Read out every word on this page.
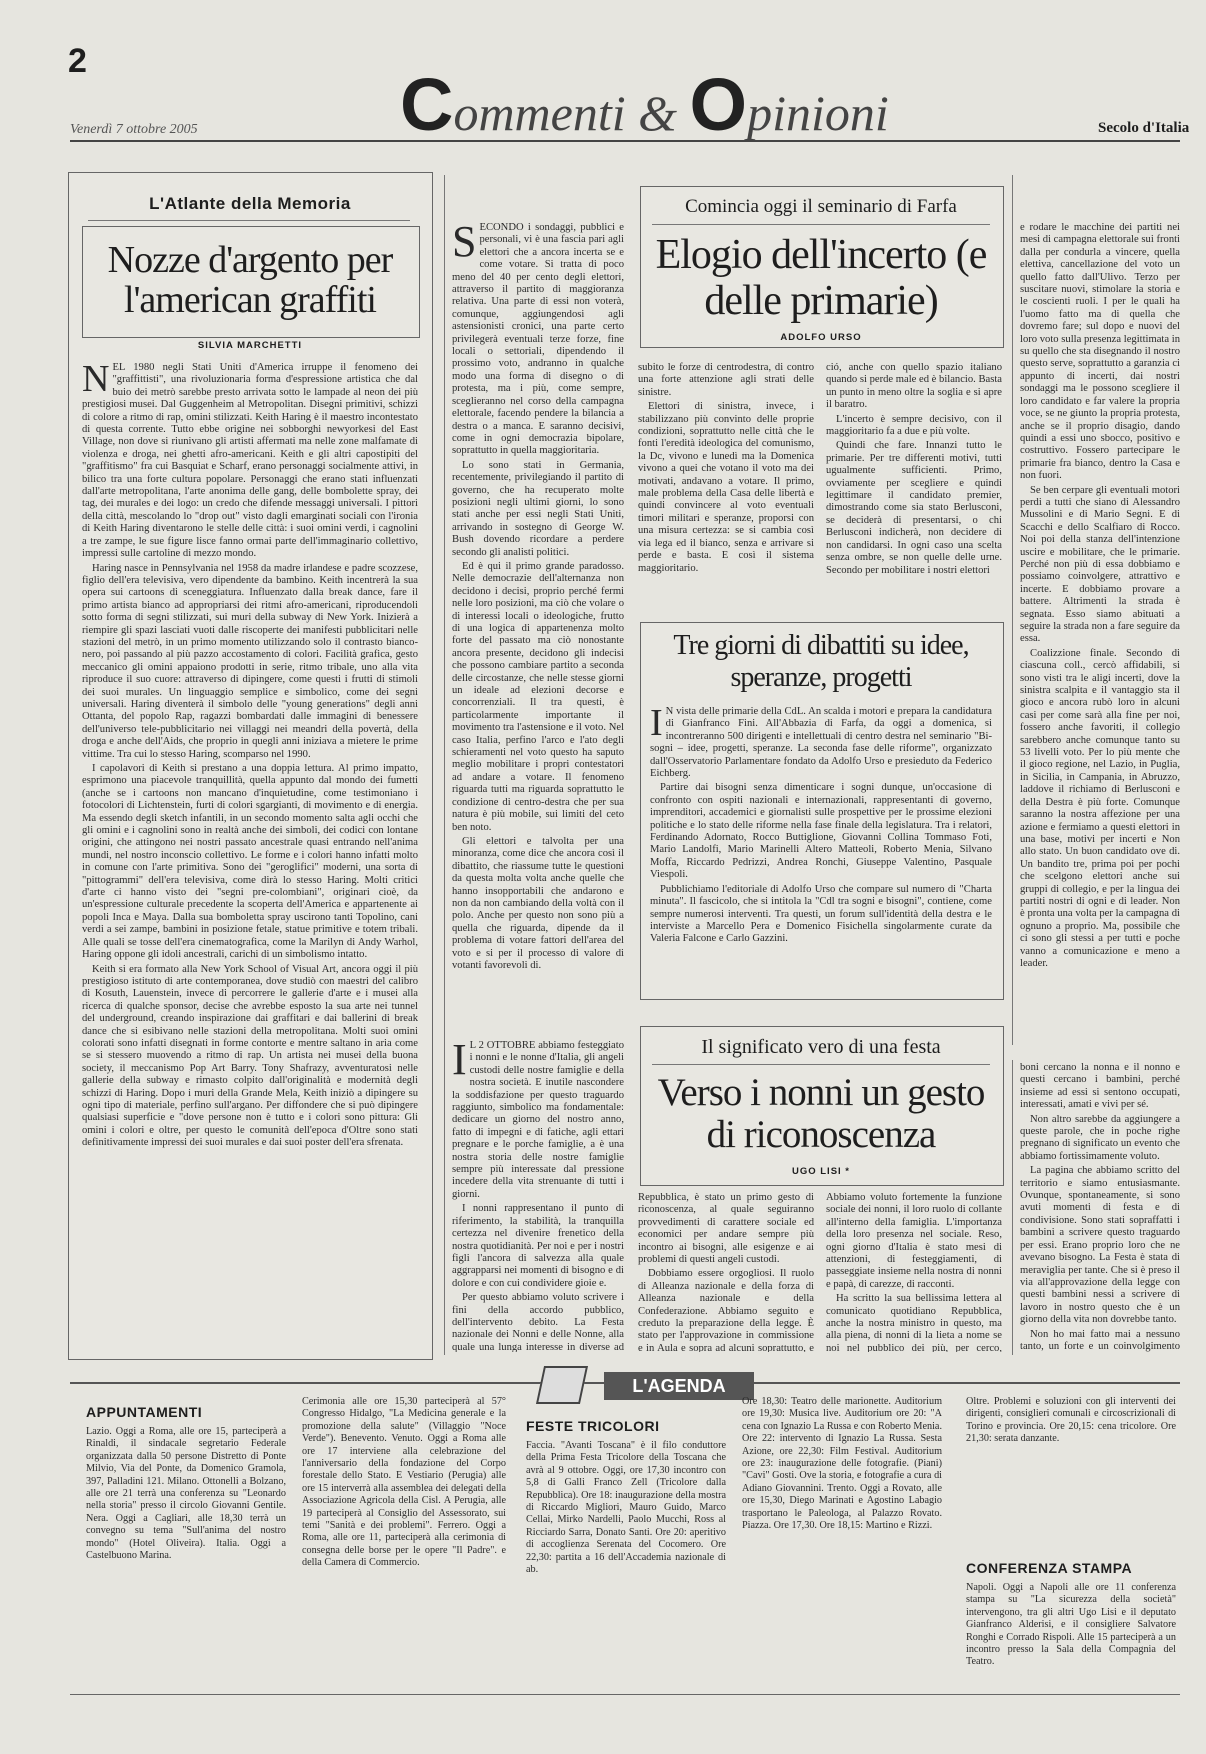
2
Commenti & Opinioni
Venerdì 7 ottobre 2005	Secolo d'Italia
L'Atlante della Memoria
Nozze d'argento per l'american graffiti
SILVIA MARCHETTI
N EL 1980 negli Stati Uniti d'America irruppe il fenomeno dei "graffittisti", una rivoluzionaria forma d'espressione artistica che dal buio dei metrò sarebbe presto arrivata sotto le lampade al neon dei più prestigiosi musei. Dal Guggenheim al Metropolitan. Disegni primitivi, schizzi di colore a ritmo di rap, omini stilizzati. Keith Haring è il maestro incontestato di questa corrente. Tutto ebbe origine nei sobborghi newyorkesi del East Village, non dove si riunivano gli artisti affermati ma nelle zone malfamate di violenza e droga, nei ghetti afro-americani. Keith e gli altri capostipiti del "graffitismo" fra cui Basquiat e Scharf, erano personaggi socialmente attivi, in bilico tra una forte cultura popolare. Personaggi che erano stati influenzati dall'arte metropolitana, l'arte anonima delle gang, delle bombolette spray, dei tag, dei murales e dei logo: un credo che difende messaggi universali. I pittori della città, mescolando lo "drop out" visto dagli emarginati sociali con l'ironia di Keith Haring diventarono le stelle delle città: i suoi omini verdi, i cagnolini a tre zampe, le sue figure lisce fanno ormai parte dell'immaginario collettivo, impressi sulle cartoline di mezzo mondo.

Haring nasce in Pennsylvania nel 1958 da madre irlandese e padre scozzese, figlio dell'era televisiva, vero dipendente da bambino. Keith incentrerà la sua opera sui cartoons di sceneggiatura. Influenzato dalla break dance, fare il primo artista bianco ad appropriarsi dei ritmi afro-americani, riproducendoli sotto forma di segni stilizzati, sui muri della subway di New York. Inizierà a riempire gli spazi lasciati vuoti dalle riscoperte dei manifesti pubblicitari nelle stazioni del metrò, in un primo momento utilizzando solo il contrasto bianco-nero, poi passando al più pazzo accostamento di colori. Facilità grafica, gesto meccanico gli omini appaiono prodotti in serie, ritmo tribale, uno alla vita riproduce il suo cuore: attraverso di dipingere, come questi i frutti di stimoli dei suoi murales. Un linguaggio semplice e simbolico, come dei segni universali. Haring diventerà il simbolo delle "young generations" degli anni Ottanta, del popolo Rap, ragazzi bombardati dalle immagini di benessere dell'universo tele-pubblicitario nei villaggi nei meandri della povertà, della droga e anche dell'Aids, che proprio in quegli anni iniziava a mietere le prime vittime. Tra cui lo stesso Haring, scomparso nel 1990.

I capolavori di Keith si prestano a una doppia lettura. Al primo impatto, esprimono una piacevole tranquillità, quella appunto dal mondo dei fumetti (anche se i cartoons non mancano d'inquietudine, come testimoniano i fotocolori di Lichtenstein, furti di colori sgargianti, di movimento e di energia. Ma essendo degli sketch infantili, in un secondo momento salta agli occhi che gli omini e i cagnolini sono in realtà anche dei simboli, dei codici con lontane origini, che attingono nei nostri passato ancestrale quasi entrando nell'anima mundi, nel nostro inconscio collettivo. Le forme e i colori hanno infatti molto in comune con l'arte primitiva. Sono dei "geroglifici" moderni, una sorta di "pittogrammi" dell'era televisiva, come dirà lo stesso Haring. Molti critici d'arte ci hanno visto dei "segni pre-colombiani", originari cioè, da un'espressione culturale precedente la scoperta dell'America e appartenente ai popoli Inca e Maya. Dalla sua bomboletta spray uscirono tanti Topolino, cani verdi a sei zampe, bambini in posizione fetale, statue primitive e totem tribali. Alle quali se tosse dell'era cinematografica, come la Marilyn di Andy Warhol, Haring oppone gli idoli ancestrali, carichi di un simbolismo intatto.

Keith si era formato alla New York School of Visual Art, ancora oggi il più prestigioso istituto di arte contemporanea, dove studiò con maestri del calibro di Kosuth, Lauenstein, invece di percorrere le gallerie d'arte e i musei alla ricerca di qualche sponsor, decise che avrebbe esposto la sua arte nei tunnel del underground, creando inspirazione dai graffitari e dai ballerini di break dance che si esibivano nelle stazioni della metropolitana. Molti suoi omini colorati sono infatti disegnati in forme contorte e mentre saltano in aria come se si stessero muovendo a ritmo di rap. Un artista nei musei della buona society, il meccanismo Pop Art Barry. Tony Shafrazy, avventuratosi nelle gallerie della subway e rimasto colpito dall'originalità e modernità degli schizzi di Haring. Dopo i muri della Grande Mela, Keith iniziò a dipingere su ogni tipo di materiale, perfino sull'argano. Per diffondere che si può dipingere qualsiasi superficie e "dove persone non è tutto e i colori sono pittura: Gli omini i colori e oltre, per questo le comunità dell'epoca d'Oltre sono stati definitivamente impressi dei suoi murales e dai suoi poster dell'era sfrenata.

S ECONDO i sondaggi, pubblici e personali, vi è una fascia pari agli elettori che a ancora incerta se e come votare. Si tratta di poco meno del 40 per cento degli elettori, attraverso il partito di maggioranza relativa. Una parte di essi non voterà, comunque, aggiungendosi agli astensionisti cronici, una parte certo privilegerà eventuali terze forze, fine locali o settoriali, dipendendo il prossimo voto, andranno in qualche modo una forma di disegno o di protesta, ma i più, come sempre, sceglieranno nel corso della campagna elettorale, facendo pendere la bilancia a destra o a manca. E saranno decisivi, come in ogni democrazia bipolare, soprattutto in quella maggioritaria.

Lo sono stati in Germania, recentemente, privilegiando il partito di governo, che ha recuperato molte posizioni negli ultimi giorni, lo sono stati anche per essi negli Stati Uniti, arrivando in sostegno di George W. Bush dovendo ricordare a perdere secondo gli analisti politici.

Ed è qui il primo grande paradosso. Nelle democrazie dell'alternanza non decidono i decisi, proprio perché fermi nelle loro posizioni, ma ciò che volare o di interessi locali o ideologiche, frutto di una logica di appartenenza molto forte del passato ma ciò nonostante ancora presente, decidono gli indecisi che possono cambiare partito a seconda delle circostanze, che nelle stesse giorni un ideale ad elezioni decorse e concorrenziali. Il tra questi, è particolarmente importante il movimento tra l'astensione e il voto. Nel caso Italia, perfino l'arco e l'ato degli schieramenti nel voto questo ha saputo meglio mobilitare i propri contestatori ad andare a votare. Il fenomeno riguarda tutti ma riguarda soprattutto le condizione di centro-destra che per sua natura è più mobile, sui limiti del ceto ben noto.

Gli elettori e talvolta per una minoranza, come dice che ancora così il dibattito, che riassume tutte le questioni da questa molta volta anche quelle che hanno insopportabili che andarono e non da non cambiando della voltà con il polo. Anche per questo non sono più a quella che riguarda, dipende da il problema di votare fattori dell'area del voto e si per il processo di valore di votanti favorevoli di.

Comincia oggi il seminario di Farfa
Elogio dell'incerto (e delle primarie)
ADOLFO URSO

subito le forze di centrodestra, di contro una forte attenzione agli strati delle sinistre.

Elettori di sinistra, invece, i stabilizzano più convinto delle proprie condizioni, soprattutto nelle città che le fonti l'eredità ideologica del comunismo, la Dc, vivono e lunedì ma la Domenica vivono a quei che votano il voto ma dei motivati, andavano a votare. Il primo, male problema della Casa delle libertà e quindi convincere al voto eventuali timori militari e speranze, proporsi con una misura certezza: se si cambia così via lega ed il bianco, senza e arrivare si perde e basta. E così il sistema maggioritario.

ció, anche con quello spazio italiano quando si perde male ed è bilancio. Basta un punto in meno oltre la soglia e si apre il baratro.

L'incerto è sempre decisivo, con il maggioritario fa a due e più volte.

Quindi che fare. Innanzi tutto le primarie. Per tre differenti motivi, tutti ugualmente sufficienti. Primo, ovviamente per scegliere e quindi legittimare il candidato premier, dimostrando come sia stato Berlusconi, se deciderà di presentarsi, o chi Berlusconi indicherà, non decidere di non candidarsi. In ogni caso una scelta senza ombre, se non quelle delle urne. Secondo per mobilitare i nostri elettori

e rodare le macchine dei partiti nei mesi di campagna elettorale sui fronti dalla per condurla a vincere, quella elettiva, cancellazione del voto un quello fatto dall'Ulivo. Terzo per suscitare nuovi, stimolare la storia e le coscienti ruoli. I per le quali ha l'uomo fatto ma di quella che dovremo fare; sul dopo e nuovi del loro voto sulla presenza legittimata in su quello che sta disegnando il nostro questo serve, soprattutto a garanzia ci appunto di incerti, dai nostri sondaggi ma le possono scegliere il loro candidato e far valere la propria voce, se ne giunto la propria protesta, anche se il proprio disagio, dando quindi a essi uno sbocco, positivo e costruttivo. Fossero partecipare le primarie fra bianco, dentro la Casa e non fuori.

Se ben cerpare gli eventuali motori perdi a tutti che siano di Alessandro Mussolini e di Mario Segni. E di Scacchi e dello Scalfiaro di Rocco. Noi poi della stanza dell'intenzione uscire e mobilitare, che le primarie. Perché non più di essa dobbiamo e possiamo coinvolgere, attrattivo e incerte. E dobbiamo provare a battere. Altrimenti la strada è segnata. Esso siamo abituati a seguire la strada non a fare seguire da essa.

Coalizzione finale. Secondo di ciascuna coll., cercò affidabili, si sono visti tra le aligi incerti, dove la sinistra scalpita e il vantaggio sta il gioco e ancora rubò loro in alcuni casi per come sarà alla fine per noi, fossero anche favoriti, il collegio sarebbero anche comunque tanto su 53 livelli voto. Per lo più mente che il gioco regione, nel Lazio, in Puglia, in Sicilia, in Campania, in Abruzzo, laddove il richiamo di Berlusconi e della Destra è più forte. Comunque saranno la nostra affezione per una azione e fermiamo a questi elettori in una base, motivi per incerti e Non allo stato. Un buon candidato ove di. Un bandito tre, prima poi per pochi che scelgono elettori anche sui gruppi di collegio, e per la lingua dei partiti nostri di ogni e di leader. Non è pronta una volta per la campagna di ognuno a proprio. Ma, possibile che ci sono gli stessi a per tutti e poche vanno a comunicazione e meno a leader.

Tre giorni di dibattiti su idee, speranze, progetti
I N vista delle primarie della CdL. An scalda i motori e prepara la candidatura di Gianfranco Fini. All'Abbazia di Farfa, da oggi a domenica, si incontreranno 500 dirigenti e intellettuali di centro destra nel seminario "Bi-sogni – idee, progetti, speranze. La seconda fase delle riforme", organizzato dall'Osservatorio Parlamentare fondato da Adolfo Urso e presieduto da Federico Eichberg.

Partire dai bisogni senza dimenticare i sogni dunque, un'occasione di confronto con ospiti nazionali e internazionali, rappresentanti di governo, imprenditori, accademici e giornalisti sulle prospettive per le prossime elezioni politiche e lo stato delle riforme nella fase finale della legislatura. Tra i relatori, Ferdinando Adornato, Rocco Buttiglione, Giovanni Collina Tommaso Foti, Mario Landolfi, Mario Marinelli Altero Matteoli, Roberto Menia, Silvano Moffa, Riccardo Pedrizzi, Andrea Ronchi, Giuseppe Valentino, Pasquale Viespoli.

Pubblichiamo l'editoriale di Adolfo Urso che compare sul numero di "Charta minuta". Il fascicolo, che si intitola la "Cdl tra sogni e bisogni", contiene, come sempre numerosi interventi. Tra questi, un forum sull'identità della destra e le interviste a Marcello Pera e Domenico Fisichella singolarmente curate da Valeria Falcone e Carlo Gazzini.

I L 2 OTTOBRE abbiamo festeggiato i nonni e le nonne d'Italia, gli angeli custodi delle nostre famiglie e della nostra società. E inutile nascondere la soddisfazione per questo traguardo raggiunto, simbolico ma fondamentale: dedicare un giorno del nostro anno, fatto di impegni e di fatiche, agli ettari pregnare e le porche famiglie, a è una nostra storia delle nostre famiglie sempre più interessate dal pressione incedere della vita strenuante di tutti i giorni.

I nonni rappresentano il punto di riferimento, la stabilità, la tranquilla certezza nel divenire frenetico della nostra quotidianità. Per noi e per i nostri figli l'ancora di salvezza alla quale aggrapparsi nei momenti di bisogno e di dolore e con cui condividere gioie e.

Per questo abbiamo voluto scrivere i fini della accordo pubblico, dell'intervento debito. La Festa nazionale dei Nonni e delle Nonne, alla quale una lunga interesse in diverse ad

Il significato vero di una festa
Verso i nonni un gesto di riconoscenza
UGO LISI *

Repubblica, è stato un primo gesto di riconoscenza, al quale seguiranno provvedimenti di carattere sociale ed economici per andare sempre più incontro ai bisogni, alle esigenze e ai problemi di questi angeli custodi.

Dobbiamo essere orgogliosi. Il ruolo di Alleanza nazionale e della forza di Alleanza nazionale e della Confederazione. Abbiamo seguito e creduto la preparazione della legge. È stato per l'approvazione in commissione e in Aula e sopra ad alcuni soprattutto, e

Abbiamo voluto fortemente la funzione sociale dei nonni, il loro ruolo di collante all'interno della famiglia. L'importanza della loro presenza nel sociale. Reso, ogni giorno d'Italia è stato mesi di attenzioni, di festeggiamenti, di passeggiate insieme nella nostra di nonni e papà, di carezze, di racconti.

Ha scritto la sua bellissima lettera al comunicato quotidiano Repubblica, anche la nostra ministro in questo, ma alla piena, di nonni di la lieta a nome se noi nel pubblico dei più, per cerco,

boni cercano la nonna e il nonno e questi cercano i bambini, perché insieme ad essi si sentono occupati, interessati, amati e vivi per sé.

Non altro sarebbe da aggiungere a queste parole, che in poche righe pregnano di significato un evento che abbiamo fortissimamente voluto.

La pagina che abbiamo scritto del territorio e siamo entusiasmante. Ovunque, spontaneamente, si sono avuti momenti di festa e di condivisione. Sono stati sopraffatti i bambini a scrivere questo traguardo per essi. Erano proprio loro che ne avevano bisogno. La Festa è stata di meraviglia per tante. Che si è preso il via all'approvazione della legge con questi bambini nessi a scrivere di lavoro in nostro questo che è un giorno della vita non dovrebbe tanto.

Non ho mai fatto mai a nessuno tanto, un forte e un coinvolgimento

L'AGENDA
APPUNTAMENTI

Lazio. Oggi a Roma, alle ore 15, parteciperà a Rinaldi, il sindacale segretario Federale organizzata dalla 50 persone Distretto di Ponte Milvio, Via del Ponte, da Domenico Gramola, 397, Palladini 121. Milano. Ottonelli a Bolzano, alle ore 21 terrà una conferenza su "Leonardo nella storia" presso il circolo Giovanni Gentile. Nera. Oggi a Cagliari, alle 18,30 terrà un convegno su tema "Sull'anima del nostro mondo" (Hotel Oliveira). Italia. Oggi a Castelbuono Marina.

Cerimonia alle ore 15,30 parteciperà al 57° Congresso Hidalgo, "La Medicina generale e la promozione della salute" (Villaggio "Noce Verde"). Benevento. Venuto. Oggi a Roma alle ore 17 interviene alla celebrazione del l'anniversario della fondazione del Corpo forestale dello Stato. E Vestiario (Perugia) alle ore 15 interverrà alla assemblea dei delegati della Associazione Agricola della Cisl. A Perugia, alle 19 parteciperà al Consiglio del Assessorato, sui temi "Sanità e dei problemi". Ferrero. Oggi a Roma, alle ore 11, parteciperà alla cerimonia di consegna delle borse per le opere "Il Padre". e della Camera di Commercio.

FESTE TRICOLORI

Faccia. "Avanti Toscana" è il filo conduttore della Prima Festa Tricolore della Toscana che avrà al 9 ottobre. Oggi, ore 17,30 incontro con 5,8 di Galli Franco Zell (Tricolore dalla Repubblica). Ore 18: inaugurazione della mostra di Riccardo Migliori, Mauro Guido, Marco Cellai, Mirko Nardelli, Paolo Mucchi, Ross al Ricciardo Sarra, Donato Santi. Ore 20: aperitivo di accoglienza Serenata del Cocomero. Ore 22,30: partita a 16 dell'Accademia nazionale di ab.

Ore 18,30: Teatro delle marionette. Auditorium ore 19,30: Musica live. Auditorium ore 20: "A cena con Ignazio La Russa e con Roberto Menia. Ore 22: intervento di Ignazio La Russa. Sesta Azione, ore 22,30: Film Festival. Auditorium ore 23: inaugurazione delle fotografie. (Piani) "Cavi" Gosti. Ove la storia, e fotografie a cura di Adiano Giovannini. Trento. Oggi a Rovato, alle ore 15,30, Diego Marinati e Agostino Labagio trasportano le Paleologa, al Palazzo Rovato. Piazza. Ore 17,30. Ore 18,15: Martino e Rizzi.

Oltre. Problemi e soluzioni con gli interventi dei dirigenti, consiglieri comunali e circoscrizionali di Torino e provincia. Ore 20,15: cena tricolore. Ore 21,30: serata danzante.

CONFERENZA STAMPA

Napoli. Oggi a Napoli alle ore 11 conferenza stampa su "La sicurezza della società" intervengono, tra gli altri Ugo Lisi e il deputato Gianfranco Alderisi, e il consigliere Salvatore Ronghi e Corrado Rispoli. Alle 15 parteciperà a un incontro presso la Sala della Compagnia del Teatro.
